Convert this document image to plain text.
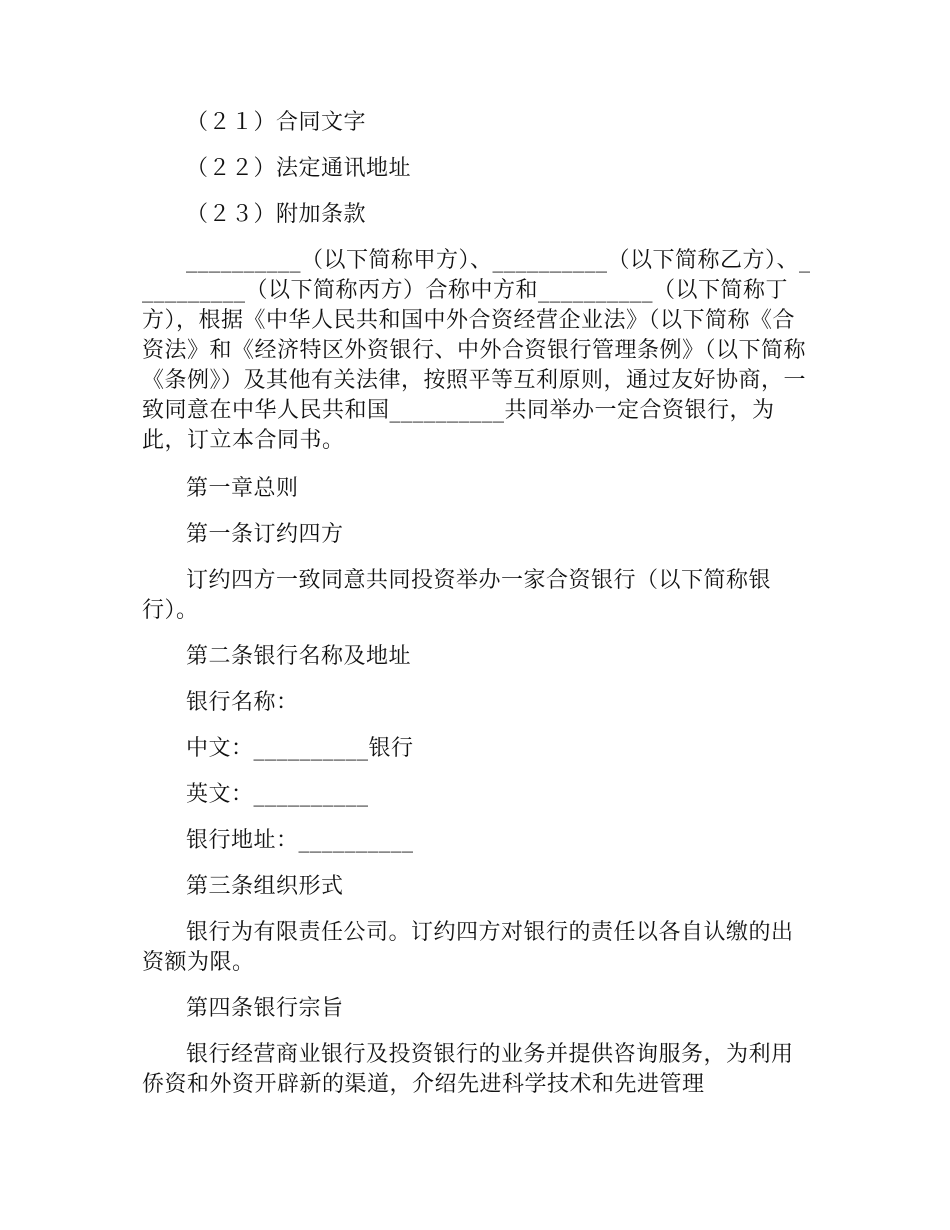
（２１）合同文字

（２２）法定通讯地址

（２３）附加条款

__________（以下简称甲方）、__________（以下简称乙方）、__________（以下简称丙方）合称中方和__________（以下简称丁方），根据《中华人民共和国中外合资经营企业法》（以下简称《合资法》和《经济特区外资银行、中外合资银行管理条例》（以下简称《条例》）及其他有关法律，按照平等互利原则，通过友好协商，一致同意在中华人民共和国__________共同举办一定合资银行，为此，订立本合同书。

第一章总则

第一条订约四方

订约四方一致同意共同投资举办一家合资银行（以下简称银行）。

第二条银行名称及地址

银行名称：

中文：__________银行

英文：__________

银行地址：__________

第三条组织形式

银行为有限责任公司。订约四方对银行的责任以各自认缴的出资额为限。

第四条银行宗旨

银行经营商业银行及投资银行的业务并提供咨询服务，为利用侨资和外资开辟新的渠道，介绍先进科学技术和先进管理
